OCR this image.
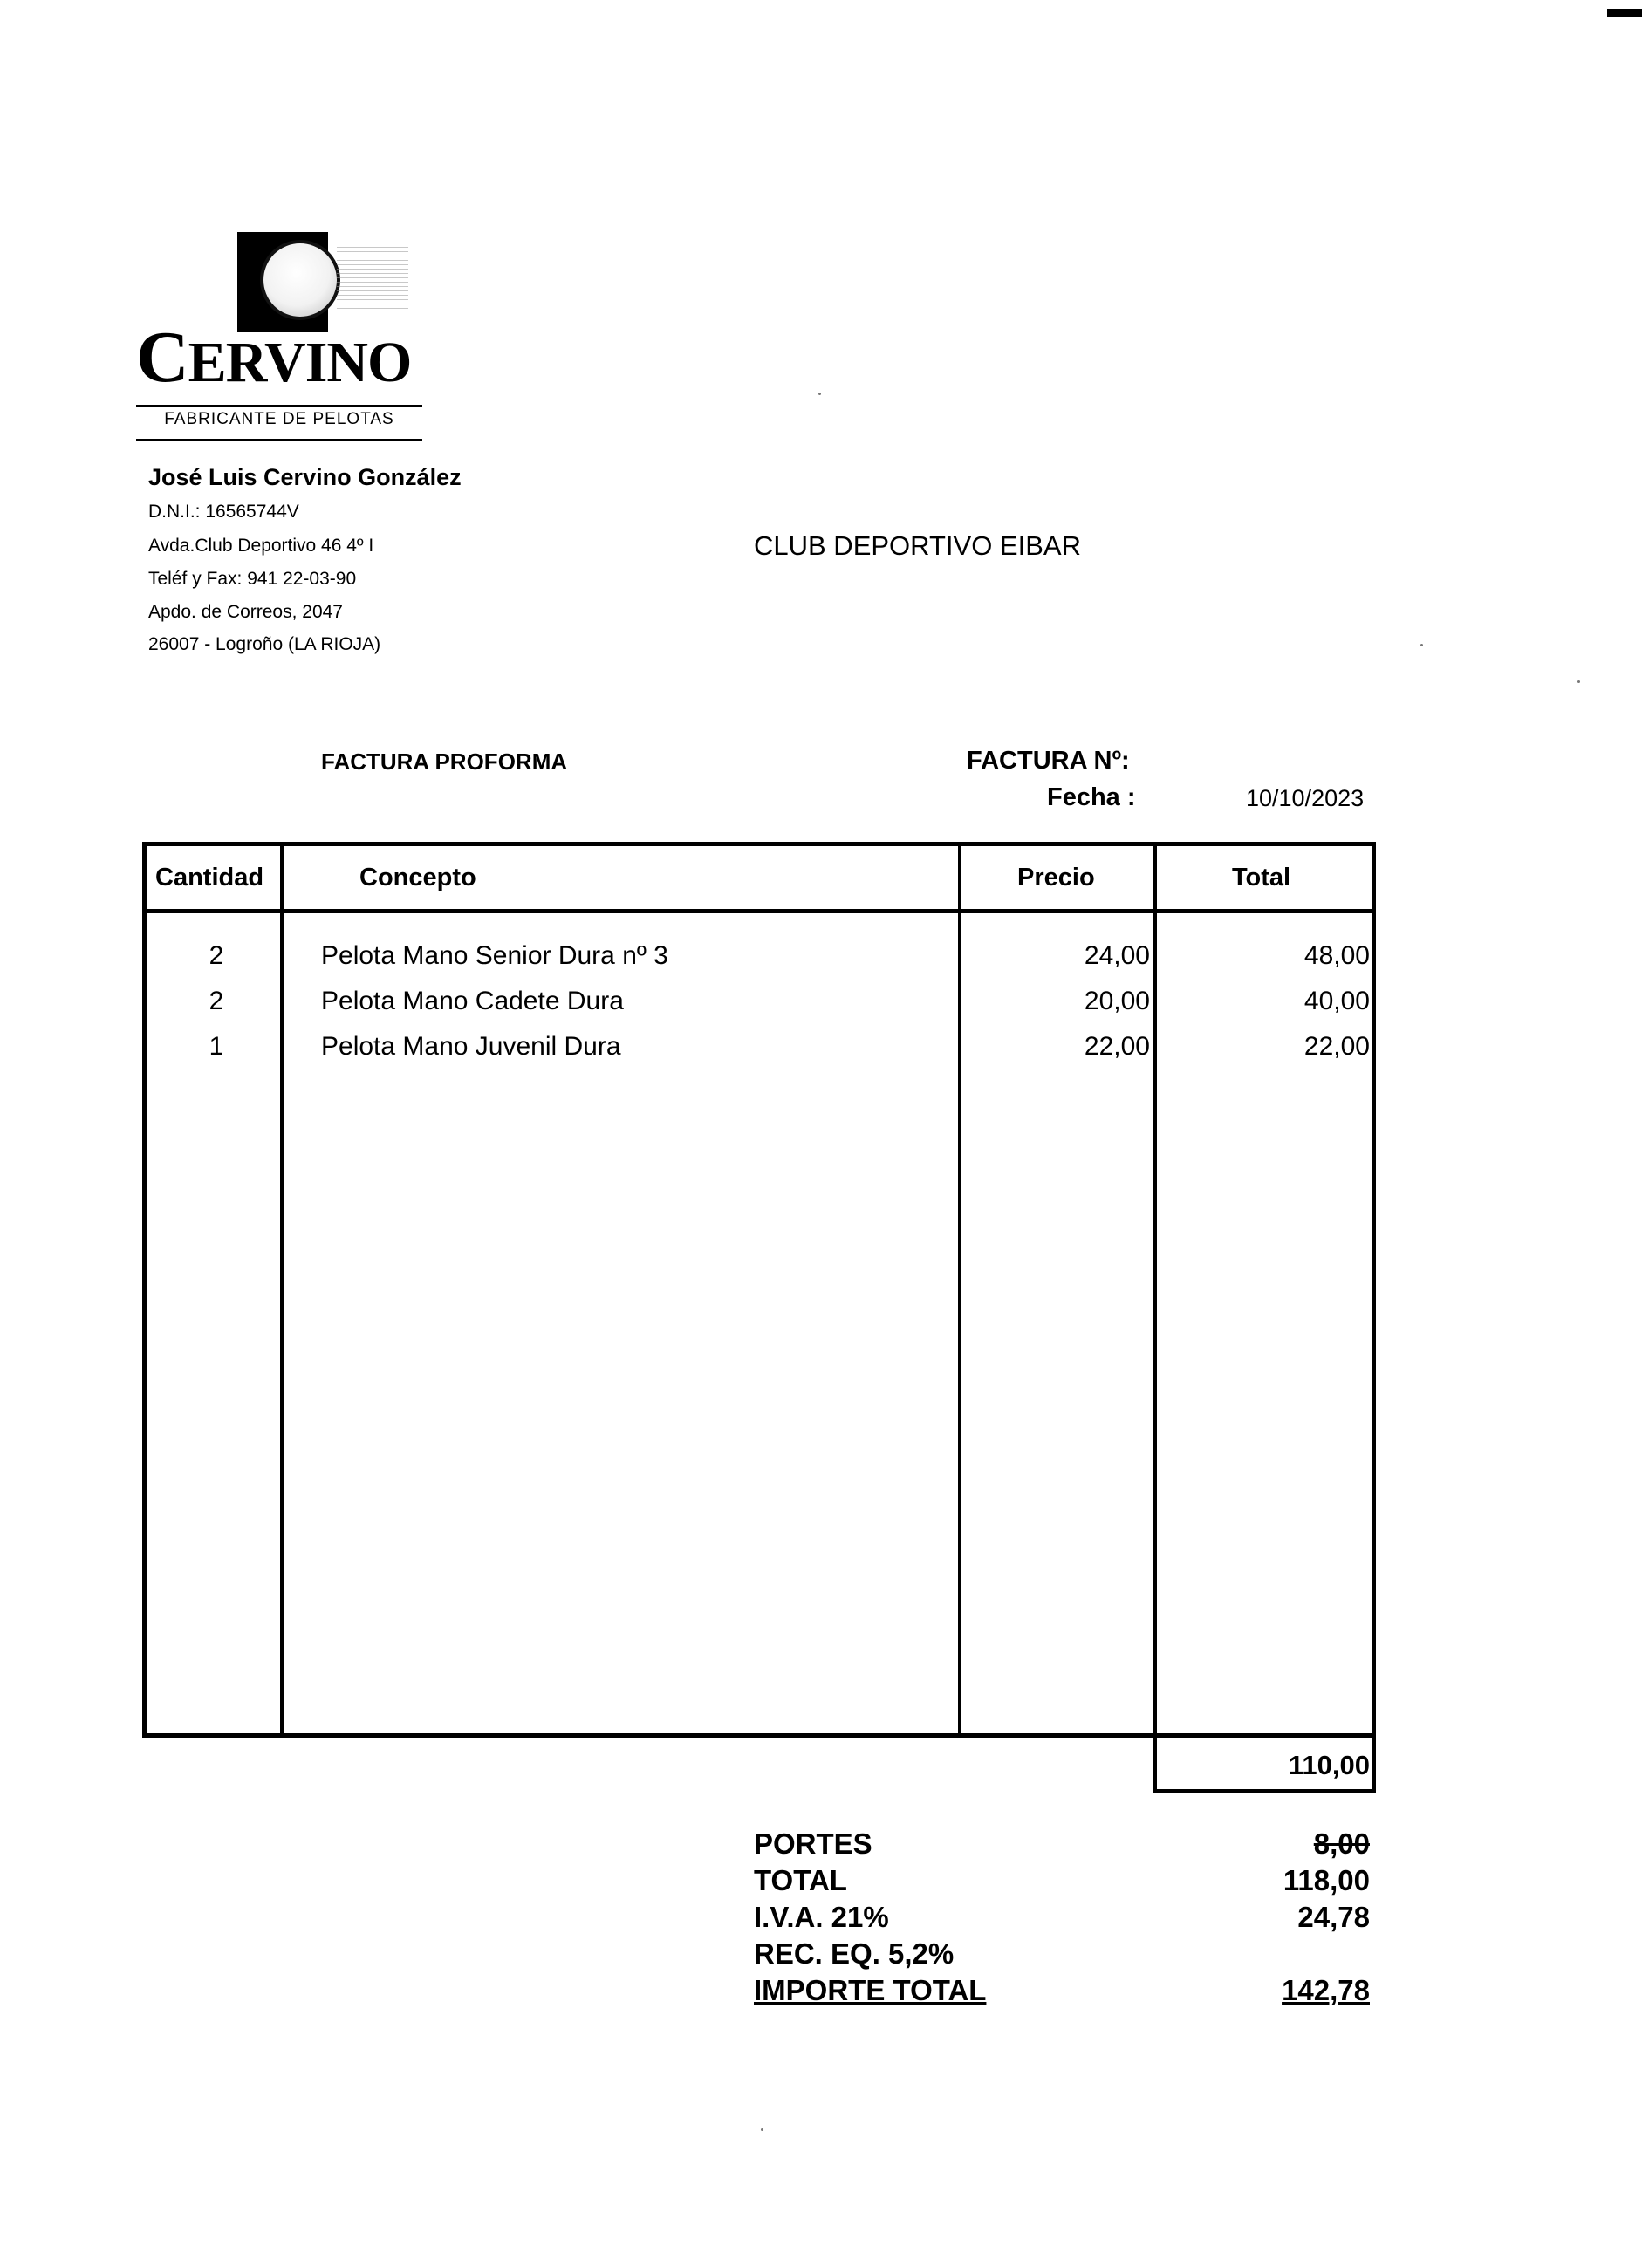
CERVINO
FABRICANTE DE PELOTAS
José Luis Cervino González
D.N.I.: 16565744V
Avda.Club Deportivo 46 4º I
Teléf y Fax: 941 22-03-90
Apdo. de Correos, 2047
26007 - Logroño (LA RIOJA)
CLUB DEPORTIVO EIBAR
FACTURA PROFORMA	FACTURA Nº:
Fecha :	10/10/2023
Cantidad	Concepto	Precio	Total
2	Pelota Mano Senior Dura nº 3	24,00	48,00
2	Pelota Mano Cadete Dura	20,00	40,00
1	Pelota Mano Juvenil Dura	22,00	22,00
110,00
PORTES	8,00
TOTAL	118,00
I.V.A. 21%	24,78
REC. EQ. 5,2%
IMPORTE TOTAL	142,78
